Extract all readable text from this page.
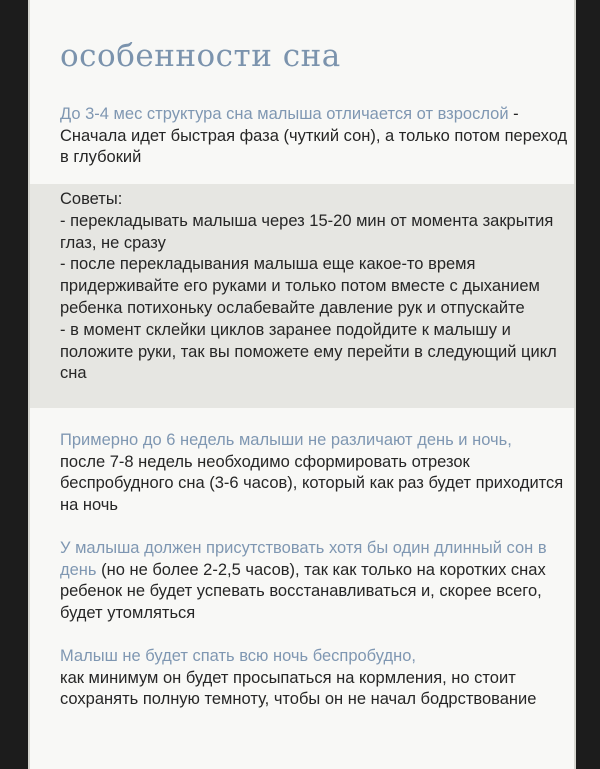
особенности сна
До 3-4 мес структура сна малыша отличается от взрослой - Сначала идет быстрая фаза (чуткий сон), а только потом переход в глубокий
Советы:
- перекладывать малыша через 15-20 мин от момента закрытия глаз, не сразу
- после перекладывания малыша еще какое-то время придерживайте его руками и только потом вместе с дыханием ребенка потихоньку ослабевайте давление рук и отпускайте
- в момент склейки циклов заранее подойдите к малышу и положите руки, так вы поможете ему перейти в следующий цикл сна
Примерно до 6 недель малыши не различают день и ночь,
после 7-8 недель необходимо сформировать отрезок беспробудного сна (3-6 часов), который как раз будет приходится на ночь
У малыша должен присутствовать хотя бы один длинный сон в день (но не более 2-2,5 часов), так как только на коротких снах ребенок не будет успевать восстанавливаться и, скорее всего, будет утомляться
Малыш не будет спать всю ночь беспробудно,
как минимум он будет просыпаться на кормления, но стоит сохранять полную темноту, чтобы он не начал бодрствование
